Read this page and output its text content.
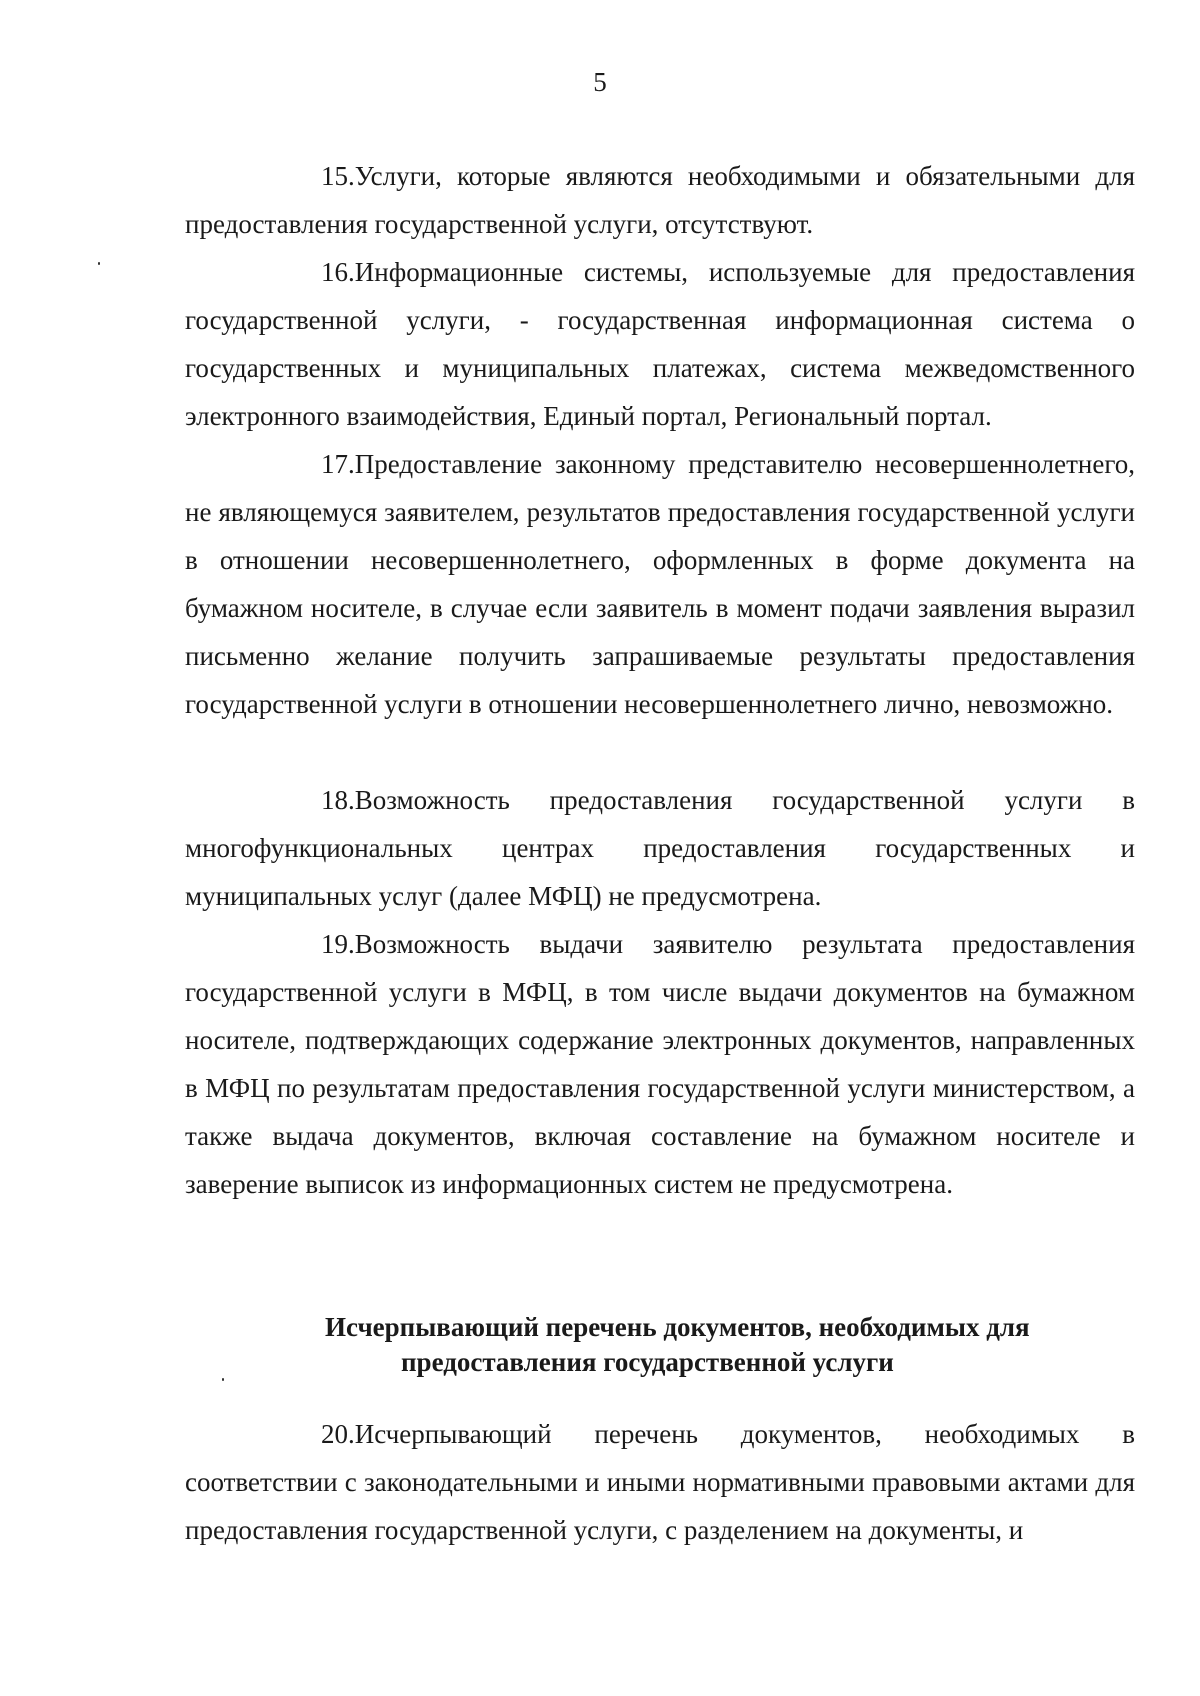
5

15.Услуги, которые являются необходимыми и обязательными для предоставления государственной услуги, отсутствуют.

16.Информационные системы, используемые для предоставления государственной услуги, - государственная информационная система о государственных и муниципальных платежах, система межведомственного электронного взаимодействия, Единый портал, Региональный портал.

17.Предоставление законному представителю несовершеннолетнего, не являющемуся заявителем, результатов предоставления государственной услуги в отношении несовершеннолетнего, оформленных в форме документа на бумажном носителе, в случае если заявитель в момент подачи заявления выразил письменно желание получить запрашиваемые результаты предоставления государственной услуги в отношении несовершеннолетнего лично, невозможно.

18.Возможность предоставления государственной услуги в многофункциональных центрах предоставления государственных и муниципальных услуг (далее МФЦ) не предусмотрена.

19.Возможность выдачи заявителю результата предоставления государственной услуги в МФЦ, в том числе выдачи документов на бумажном носителе, подтверждающих содержание электронных документов, направленных в МФЦ по результатам предоставления государственной услуги министерством, а также выдача документов, включая составление на бумажном носителе и заверение выписок из информационных систем не предусмотрена.

Исчерпывающий перечень документов, необходимых для
предоставления государственной услуги

20.Исчерпывающий перечень документов, необходимых в соответствии с законодательными и иными нормативными правовыми актами для предоставления государственной услуги, с разделением на документы, и
